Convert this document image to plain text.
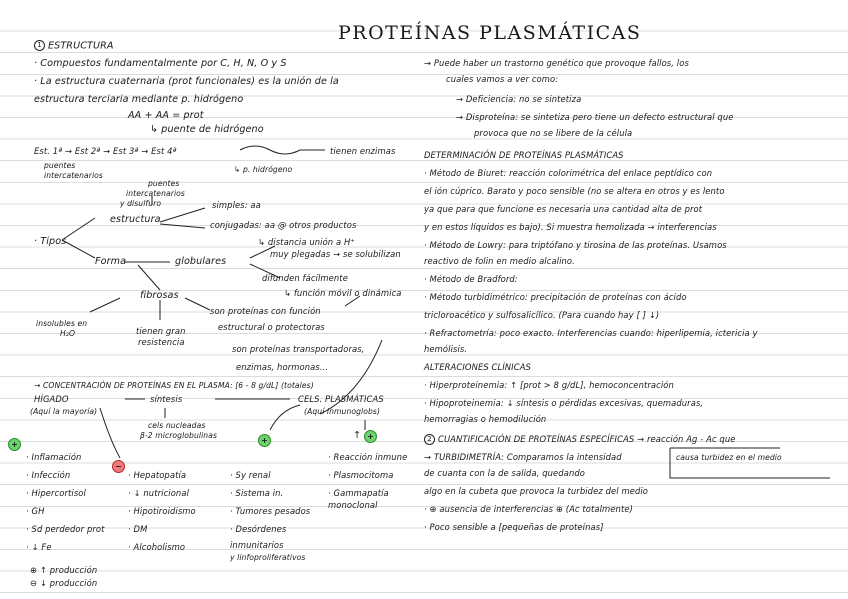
PROTEÍNAS PLASMÁTICAS
1 ESTRUCTURA
· Compuestos fundamentalmente por C, H, N, O y S
· La estructura cuaternaria (prot funcionales) es la unión de la
estructura terciaria mediante p. hidrógeno
AA + AA = prot
↳ puente de hidrógeno
Est. 1ª → Est 2ª → Est 3ª → Est 4ª	tienen enzimas
puentes
intercatenarios
↳ p. hidrógeno
puentes
intercatenarios
y disulfuro
estructura
simples: aa
conjugadas: aa @ otros productos
· Tipos	↳ distancia unión a H⁺
muy plegadas → se solubilizan
Forma	globulares
difunden fácilmente
↳ función móvil o dinámica
fibrosas
son proteínas con función
insolubles en
H₂O	tienen gran
resistencia
estructural o protectoras
son proteínas transportadoras,
enzimas, hormonas...
→ CONCENTRACIÓN DE PROTEÍNAS EN EL PLASMA: [6 - 8 g/dL] (totales)
HÍGADO
(Aquí la mayoría)
síntesis	CELS. PLASMÁTICAS
(Aquí inmunoglobs)
cels nucleadas
β-2 microglobulinas	↑
+
−
+	+
· Inflamación
· Infección
· Hipercortisol
· GH
· Sd perdedor prot
· ↓ Fe
· Hepatopatía
· ↓ nutricional
· Hipotiroidismo
· DM
· Alcoholismo
· Sy renal
· Sistema in.
· Tumores pesados
· Desórdenes
inmunitarios
y linfoproliferativos
· Reacción inmune
· Plasmocitoma
· Gammapatía
monoclonal
⊕ ↑ producción
⊖ ↓ producción
→ Puede haber un trastorno genético que provoque fallos, los
cuales vamos a ver como:
→ Deficiencia: no se sintetiza
→ Disproteína: se sintetiza pero tiene un defecto estructural que
provoca que no se libere de la célula
DETERMINACIÓN DE PROTEÍNAS PLASMÁTICAS
· Método de Biuret: reacción colorimétrica del enlace peptídico con
el ión cúprico. Barato y poco sensible (no se altera en otros y es lento
ya que para que funcione es necesaria una cantidad alta de prot
y en estos líquidos es bajo). Si muestra hemolizada → interferencias
· Método de Lowry: para triptófano y tirosina de las proteínas. Usamos
reactivo de folin en medio alcalino.
· Método de Bradford:
· Método turbidimétrico: precipitación de proteínas con ácido
tricloroacético y sulfosalicílico. (Para cuando hay [ ] ↓)
· Refractometría: poco exacto. Interferencias cuando: hiperlipemia, ictericia y
hemólisis.
ALTERACIONES CLÍNICAS
· Hiperproteinemia: ↑ [prot > 8 g/dL], hemoconcentración
· Hipoproteinemia: ↓ síntesis o pérdidas excesivas, quemaduras,
hemorragias o hemodilución
2 CUANTIFICACIÓN DE PROTEÍNAS ESPECÍFICAS → reacción Ag - Ac que
causa turbidez en el medio
→ TURBIDIMETRÍA: Comparamos la intensidad
de cuanta con la de salida, quedando
algo en la cubeta que provoca la turbidez del medio
· ⊕ ausencia de interferencias ⊕ (Ac totalmente)
· Poco sensible a [pequeñas de proteínas]
